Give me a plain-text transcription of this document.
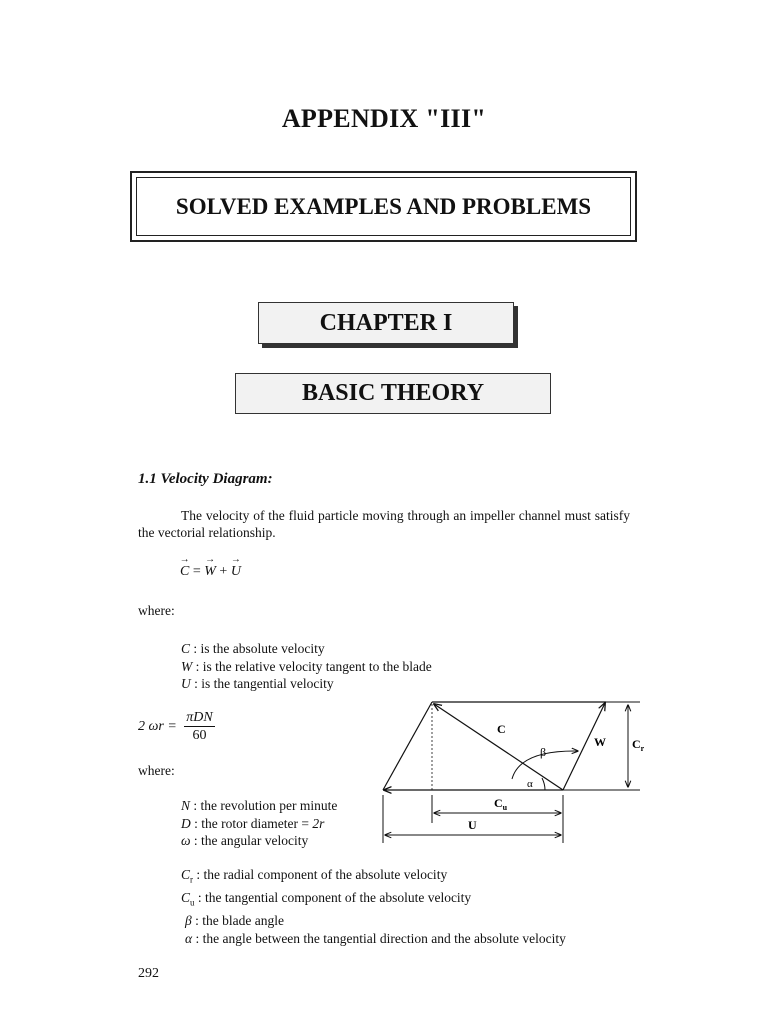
APPENDIX "III"
SOLVED EXAMPLES AND PROBLEMS
CHAPTER I
BASIC THEORY
1.1 Velocity Diagram:
The velocity of the fluid particle moving through an impeller channel must satisfy the vectorial relationship.
→ C = → W + → U
where:
C : is the absolute velocity
W : is the relative velocity tangent to the blade
U : is the tangential velocity
2 $\omega r = \frac{\text{πDN}}{60}$
where:
N : the revolution per minute
D : the rotor diameter = 2r
ω : the angular velocity
$C_r$ : the radial component of the absolute velocity
$C_u$ : the tangential component of the absolute velocity
β : the blade angle
α : the angle between the tangential direction and the absolute velocity
C
W $C_r$
β
α
$C_u$
U
292
